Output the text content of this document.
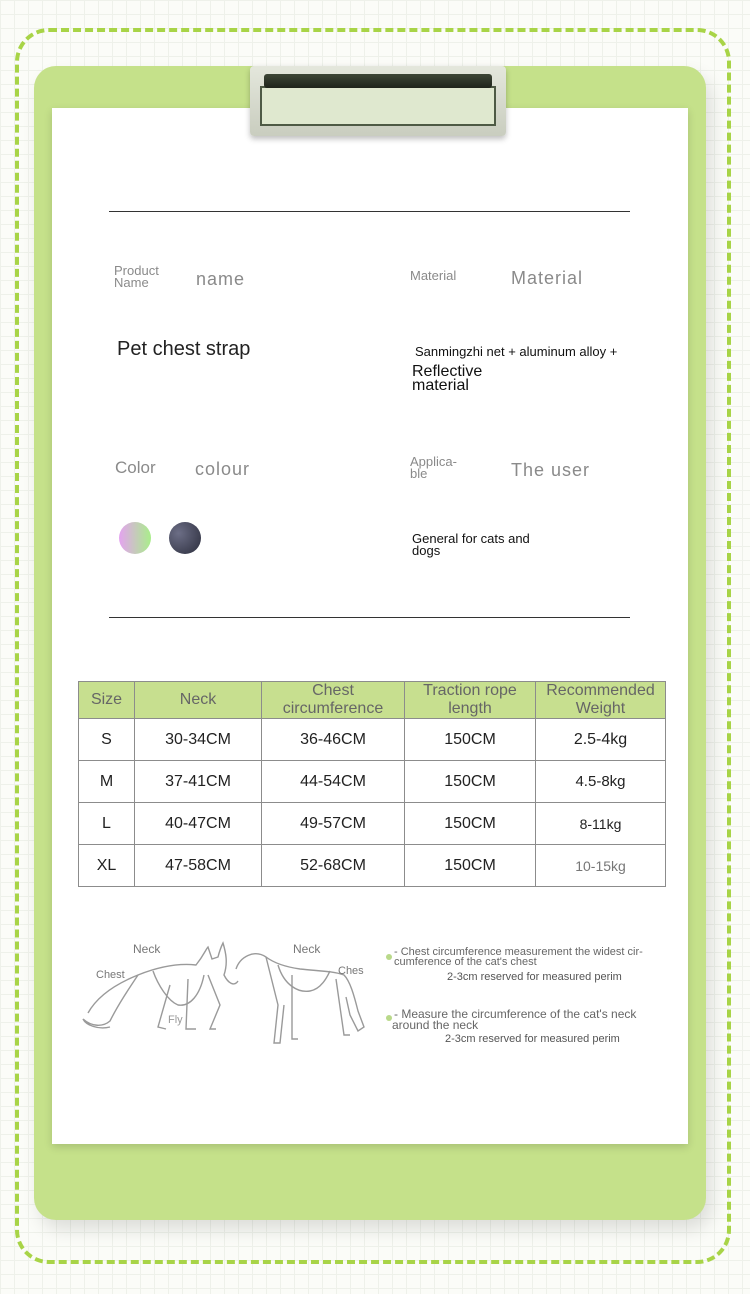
Product Name	name
Pet chest strap
Material	Material
Sanmingzhi net + aluminum alloy +
Reflective
material
Color colour	Applica- ble	The user
General for cats and dogs
Size	Neck	Chest circumference	Traction rope length	Recommended Weight
S	30-34CM	36-46CM	150CM	2.5-4kg
M	37-41CM	44-54CM	150CM	4.5-8kg
L	40-47CM	49-57CM	150CM	8-11kg
XL	47-58CM	52-68CM	150CM	10-15kg
Neck
Chest
Fly
Neck
Ches
- Chest circumference measurement the widest cir-
cumference of the cat's chest
2-3cm reserved for measured perim
- Measure the circumference of the cat's neck
around the neck
2-3cm reserved for measured perim
